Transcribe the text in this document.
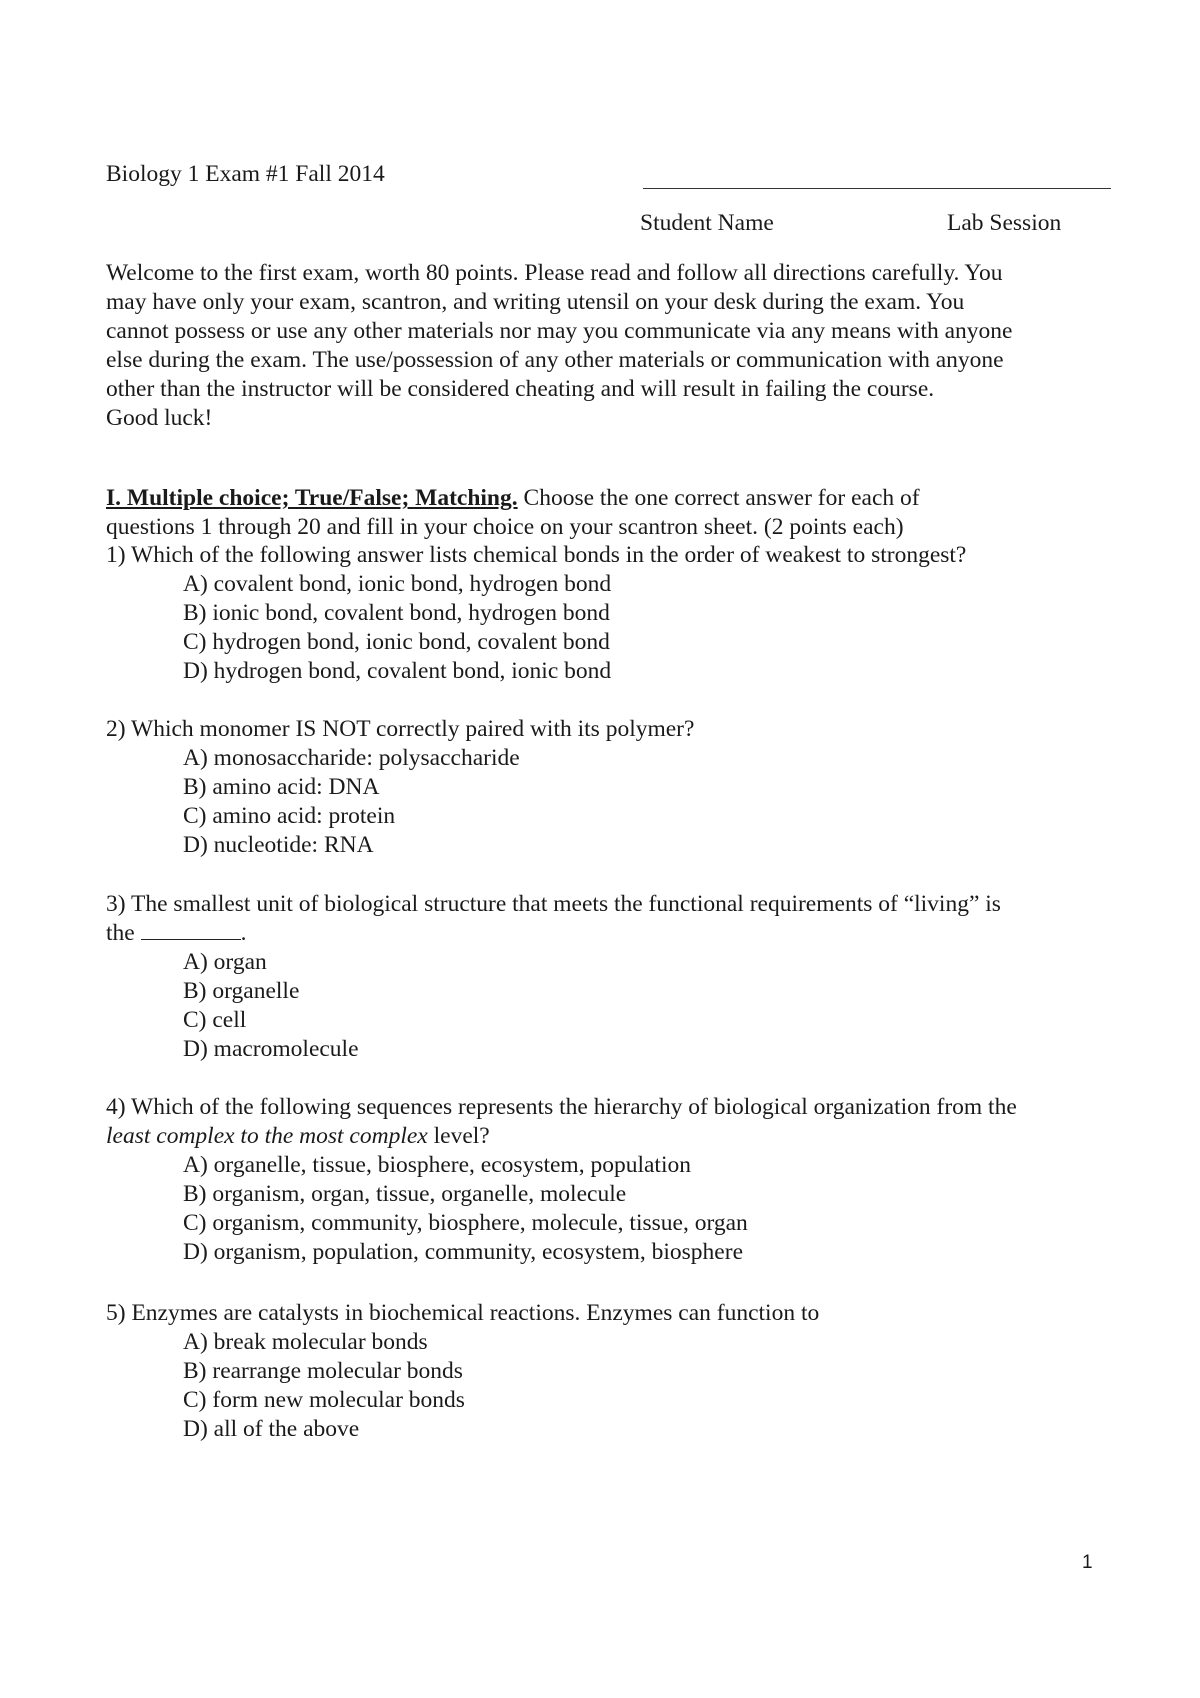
Biology 1 Exam #1 Fall 2014
Student Name	Lab Session

Welcome to the first exam, worth 80 points. Please read and follow all directions carefully. You

may have only your exam, scantron, and writing utensil on your desk during the exam. You

cannot possess or use any other materials nor may you communicate via any means with anyone

else during the exam. The use/possession of any other materials or communication with anyone

other than the instructor will be considered cheating and will result in failing the course.

Good luck!

I. Multiple choice; True/False; Matching. Choose the one correct answer for each of
questions 1 through 20 and fill in your choice on your scantron sheet. (2 points each)

1) Which of the following answer lists chemical bonds in the order of weakest to strongest?

A) covalent bond, ionic bond, hydrogen bond
B) ionic bond, covalent bond, hydrogen bond
C) hydrogen bond, ionic bond, covalent bond
D) hydrogen bond, covalent bond, ionic bond

2) Which monomer IS NOT correctly paired with its polymer?

A) monosaccharide: polysaccharide
B) amino acid: DNA
C) amino acid: protein
D) nucleotide: RNA

3) The smallest unit of biological structure that meets the functional requirements of “living” is

the	.

A) organ
B) organelle
C) cell
D) macromolecule

4) Which of the following sequences represents the hierarchy of biological organization from the

least complex to the most complex level?

A) organelle, tissue, biosphere, ecosystem, population
B) organism, organ, tissue, organelle, molecule
C) organism, community, biosphere, molecule, tissue, organ
D) organism, population, community, ecosystem, biosphere

5) Enzymes are catalysts in biochemical reactions. Enzymes can function to

A) break molecular bonds
B) rearrange molecular bonds
C) form new molecular bonds
D) all of the above
1
